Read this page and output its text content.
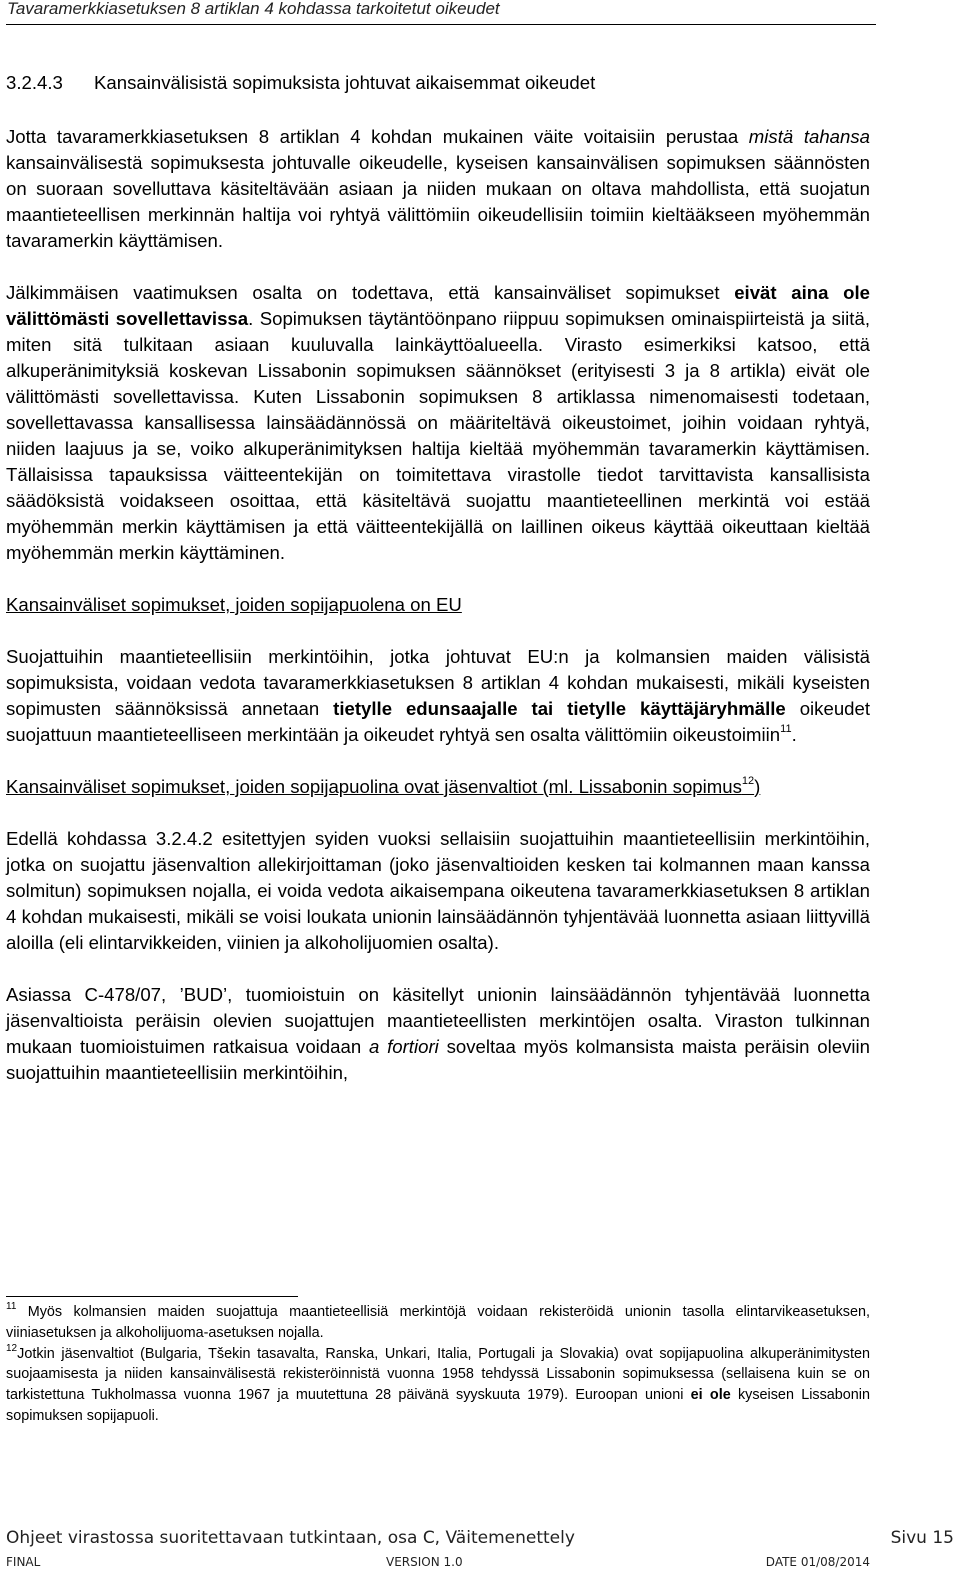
Tavaramerkkiasetuksen 8 artiklan 4 kohdassa tarkoitetut oikeudet
3.2.4.3 Kansainvälisistä sopimuksista johtuvat aikaisemmat oikeudet

Jotta tavaramerkkiasetuksen 8 artiklan 4 kohdan mukainen väite voitaisiin perustaa mistä tahansa kansainvälisestä sopimuksesta johtuvalle oikeudelle, kyseisen kansainvälisen sopimuksen säännösten on suoraan sovelluttava käsiteltävään asiaan ja niiden mukaan on oltava mahdollista, että suojatun maantieteellisen merkinnän haltija voi ryhtyä välittömiin oikeudellisiin toimiin kieltääkseen myöhemmän tavaramerkin käyttämisen.

Jälkimmäisen vaatimuksen osalta on todettava, että kansainväliset sopimukset eivät aina ole välittömästi sovellettavissa. Sopimuksen täytäntöönpano riippuu sopimuksen ominaispiirteistä ja siitä, miten sitä tulkitaan asiaan kuuluvalla lainkäyttöalueella. Virasto esimerkiksi katsoo, että alkuperänimityksiä koskevan Lissabonin sopimuksen säännökset (erityisesti 3 ja 8 artikla) eivät ole välittömästi sovellettavissa. Kuten Lissabonin sopimuksen 8 artiklassa nimenomaisesti todetaan, sovellettavassa kansallisessa lainsäädännössä on määriteltävä oikeustoimet, joihin voidaan ryhtyä, niiden laajuus ja se, voiko alkuperänimityksen haltija kieltää myöhemmän tavaramerkin käyttämisen. Tällaisissa tapauksissa väitteentekijän on toimitettava virastolle tiedot tarvittavista kansallisista säädöksistä voidakseen osoittaa, että käsiteltävä suojattu maantieteellinen merkintä voi estää myöhemmän merkin käyttämisen ja että väitteentekijällä on laillinen oikeus käyttää oikeuttaan kieltää myöhemmän merkin käyttäminen.

Kansainväliset sopimukset, joiden sopijapuolena on EU

Suojattuihin maantieteellisiin merkintöihin, jotka johtuvat EU:n ja kolmansien maiden välisistä sopimuksista, voidaan vedota tavaramerkkiasetuksen 8 artiklan 4 kohdan mukaisesti, mikäli kyseisten sopimusten säännöksissä annetaan tietylle edunsaajalle tai tietylle käyttäjäryhmälle oikeudet suojattuun maantieteelliseen merkintään ja oikeudet ryhtyä sen osalta välittömiin oikeustoimiin$^{11}$.

Kansainväliset sopimukset, joiden sopijapuolina ovat jäsenvaltiot (ml. Lissabonin sopimus$^{12}$)

Edellä kohdassa 3.2.4.2 esitettyjen syiden vuoksi sellaisiin suojattuihin maantieteellisiin merkintöihin, jotka on suojattu jäsenvaltion allekirjoittaman (joko jäsenvaltioiden kesken tai kolmannen maan kanssa solmitun) sopimuksen nojalla, ei voida vedota aikaisempana oikeutena tavaramerkkiasetuksen 8 artiklan 4 kohdan mukaisesti, mikäli se voisi loukata unionin lainsäädännön tyhjentävää luonnetta asiaan liittyvillä aloilla (eli elintarvikkeiden, viinien ja alkoholijuomien osalta).

Asiassa C-478/07, ’BUD’, tuomioistuin on käsitellyt unionin lainsäädännön tyhjentävää luonnetta jäsenvaltioista peräisin olevien suojattujen maantieteellisten merkintöjen osalta. Viraston tulkinnan mukaan tuomioistuimen ratkaisua voidaan a fortiori soveltaa myös kolmansista maista peräisin oleviin suojattuihin maantieteellisiin merkintöihin,

$^{11}$ Myös kolmansien maiden suojattuja maantieteellisiä merkintöjä voidaan rekisteröidä unionin tasolla elintarvikeasetuksen, viiniasetuksen ja alkoholijuoma-asetuksen nojalla.

$^{12}$Jotkin jäsenvaltiot (Bulgaria, Tšekin tasavalta, Ranska, Unkari, Italia, Portugali ja Slovakia) ovat sopijapuolina alkuperänimitysten suojaamisesta ja niiden kansainvälisestä rekisteröinnistä vuonna 1958 tehdyssä Lissabonin sopimuksessa (sellaisena kuin se on tarkistettuna Tukholmassa vuonna 1967 ja muutettuna 28 päivänä syyskuuta 1979). Euroopan unioni ei ole kyseisen Lissabonin sopimuksen sopijapuoli.

Ohjeet virastossa suoritettavaan tutkintaan, osa C, Väitemenettely	Sivu 15
FINAL	VERSION 1.0	DATE 01/08/2014
